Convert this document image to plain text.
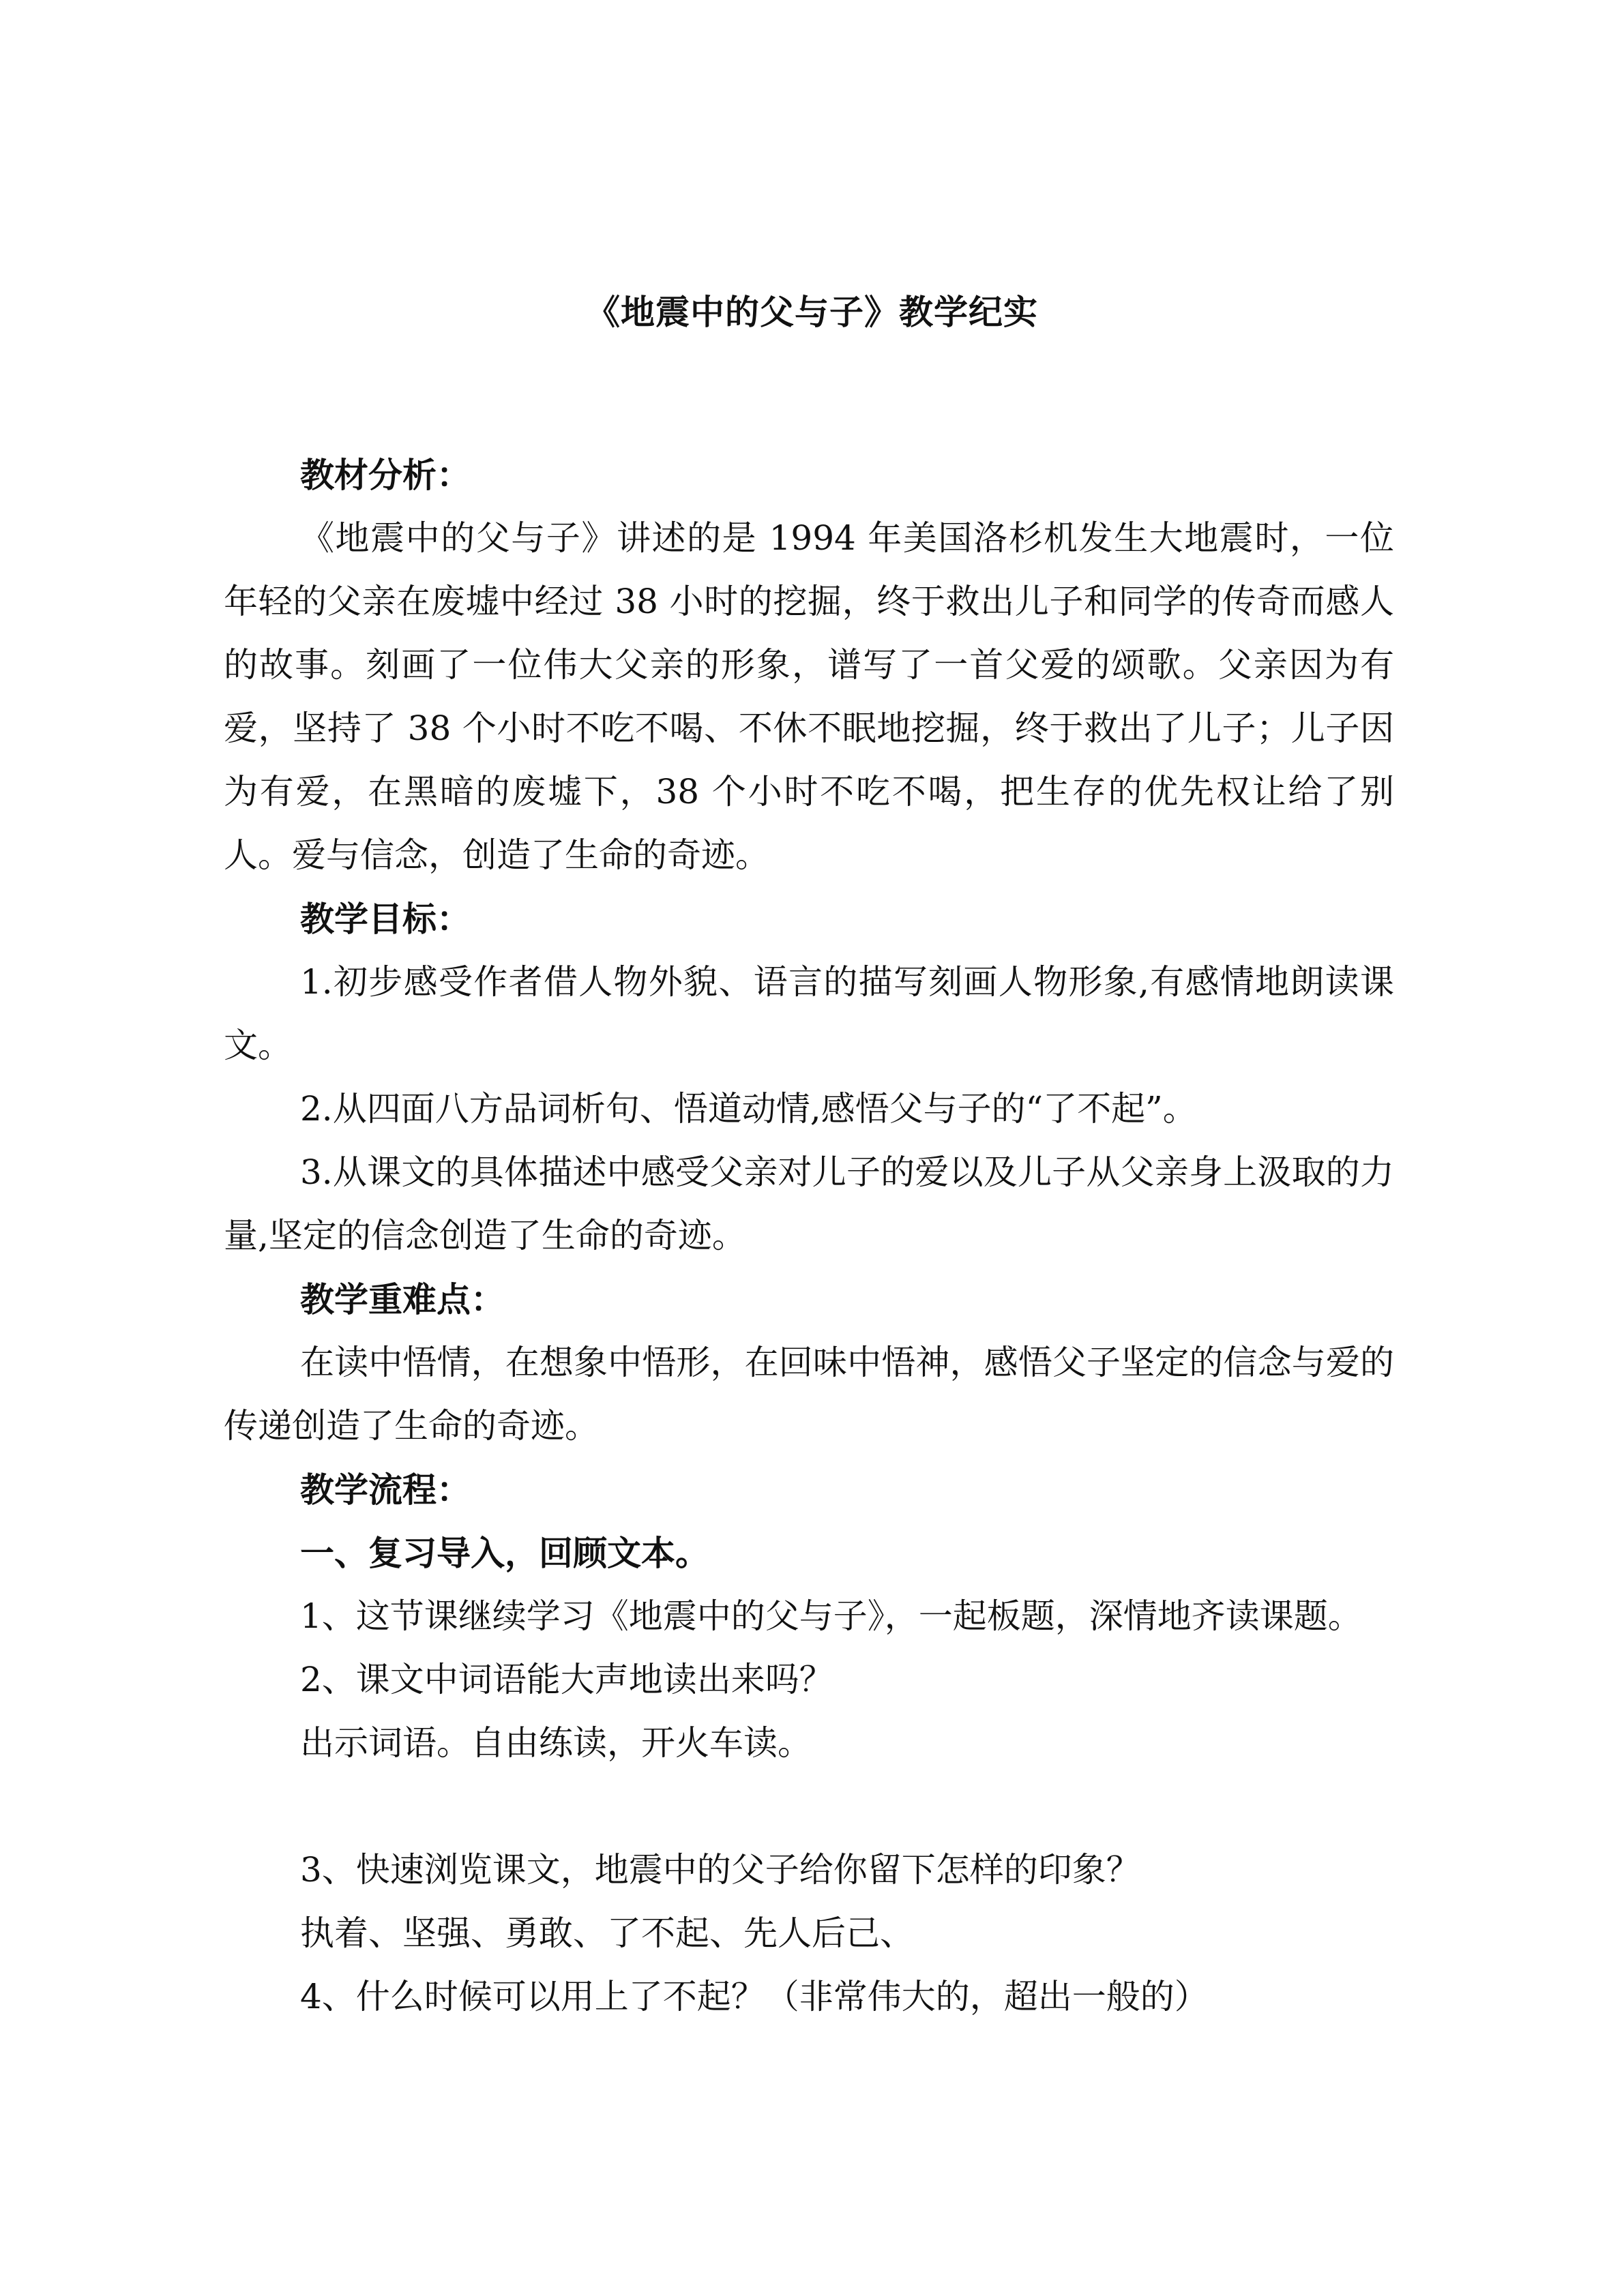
《地震中的父与子》教学纪实

教材分析：

《地震中的父与子》讲述的是 1994 年美国洛杉机发生大地震时，一位年轻的父亲在废墟中经过 38 小时的挖掘，终于救出儿子和同学的传奇而感人的故事。刻画了一位伟大父亲的形象，谱写了一首父爱的颂歌。父亲因为有爱，坚持了 38 个小时不吃不喝、不休不眠地挖掘，终于救出了儿子；儿子因为有爱，在黑暗的废墟下，38 个小时不吃不喝，把生存的优先权让给了别人。爱与信念，创造了生命的奇迹。

教学目标：

1.初步感受作者借人物外貌、语言的描写刻画人物形象,有感情地朗读课文。

2.从四面八方品词析句、悟道动情,感悟父与子的“了不起”。

3.从课文的具体描述中感受父亲对儿子的爱以及儿子从父亲身上汲取的力量,坚定的信念创造了生命的奇迹。

教学重难点：

在读中悟情，在想象中悟形，在回味中悟神，感悟父子坚定的信念与爱的传递创造了生命的奇迹。

教学流程：

一、复习导入，回顾文本。

1、这节课继续学习《地震中的父与子》，一起板题，深情地齐读课题。

2、课文中词语能大声地读出来吗？

出示词语。自由练读，开火车读。

3、快速浏览课文，地震中的父子给你留下怎样的印象？

执着、坚强、勇敢、了不起、先人后己、

4、什么时候可以用上了不起？（非常伟大的，超出一般的）
